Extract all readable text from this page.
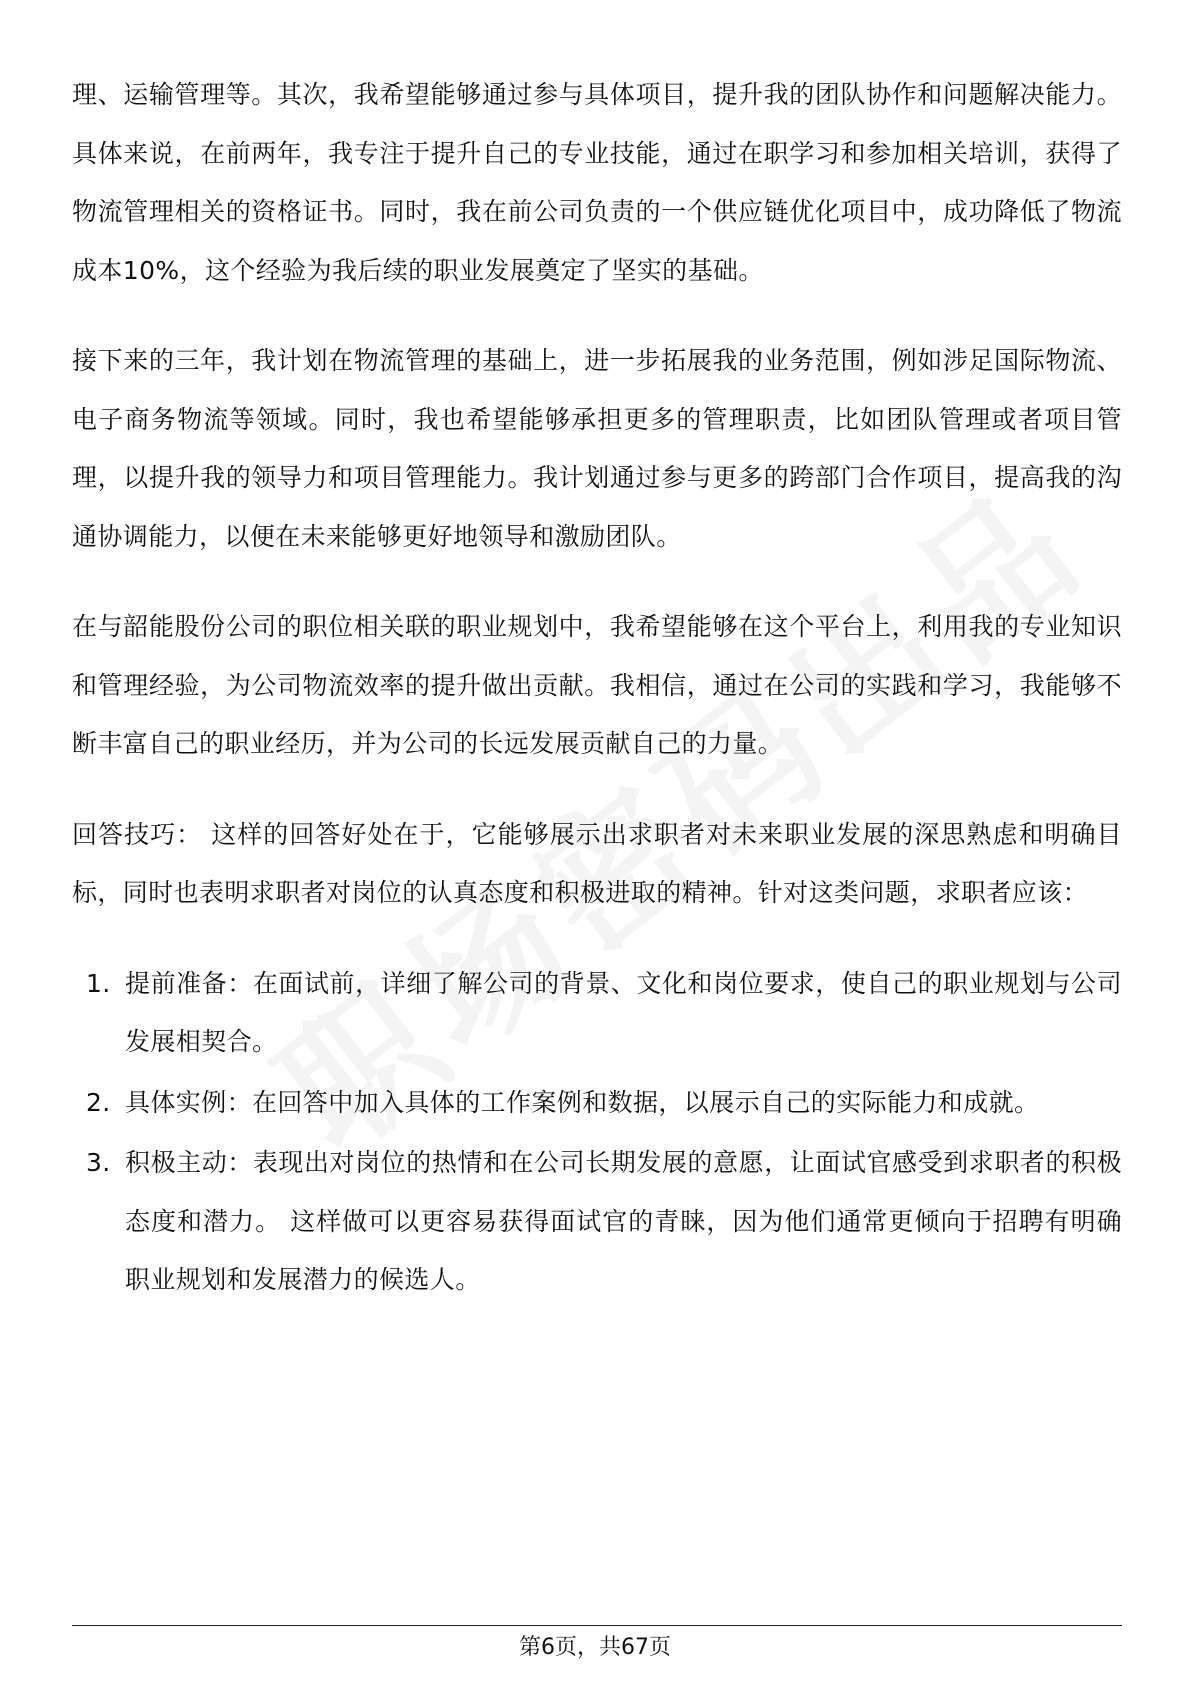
理、运输管理等。其次，我希望能够通过参与具体项目，提升我的团队协作和问题解决能力。具体来说，在前两年，我专注于提升自己的专业技能，通过在职学习和参加相关培训，获得了物流管理相关的资格证书。同时，我在前公司负责的一个供应链优化项目中，成功降低了物流成本10%，这个经验为我后续的职业发展奠定了坚实的基础。

接下来的三年，我计划在物流管理的基础上，进一步拓展我的业务范围，例如涉足国际物流、电子商务物流等领域。同时，我也希望能够承担更多的管理职责，比如团队管理或者项目管理，以提升我的领导力和项目管理能力。我计划通过参与更多的跨部门合作项目，提高我的沟通协调能力，以便在未来能够更好地领导和激励团队。

在与韶能股份公司的职位相关联的职业规划中，我希望能够在这个平台上，利用我的专业知识和管理经验，为公司物流效率的提升做出贡献。我相信，通过在公司的实践和学习，我能够不断丰富自己的职业经历，并为公司的长远发展贡献自己的力量。

回答技巧： 这样的回答好处在于，它能够展示出求职者对未来职业发展的深思熟虑和明确目标，同时也表明求职者对岗位的认真态度和积极进取的精神。针对这类问题，求职者应该：

1. 提前准备：在面试前，详细了解公司的背景、文化和岗位要求，使自己的职业规划与公司发展相契合。
2. 具体实例：在回答中加入具体的工作案例和数据，以展示自己的实际能力和成就。
3. 积极主动：表现出对岗位的热情和在公司长期发展的意愿，让面试官感受到求职者的积极态度和潜力。 这样做可以更容易获得面试官的青睐，因为他们通常更倾向于招聘有明确职业规划和发展潜力的候选人。
第6页，共67页
